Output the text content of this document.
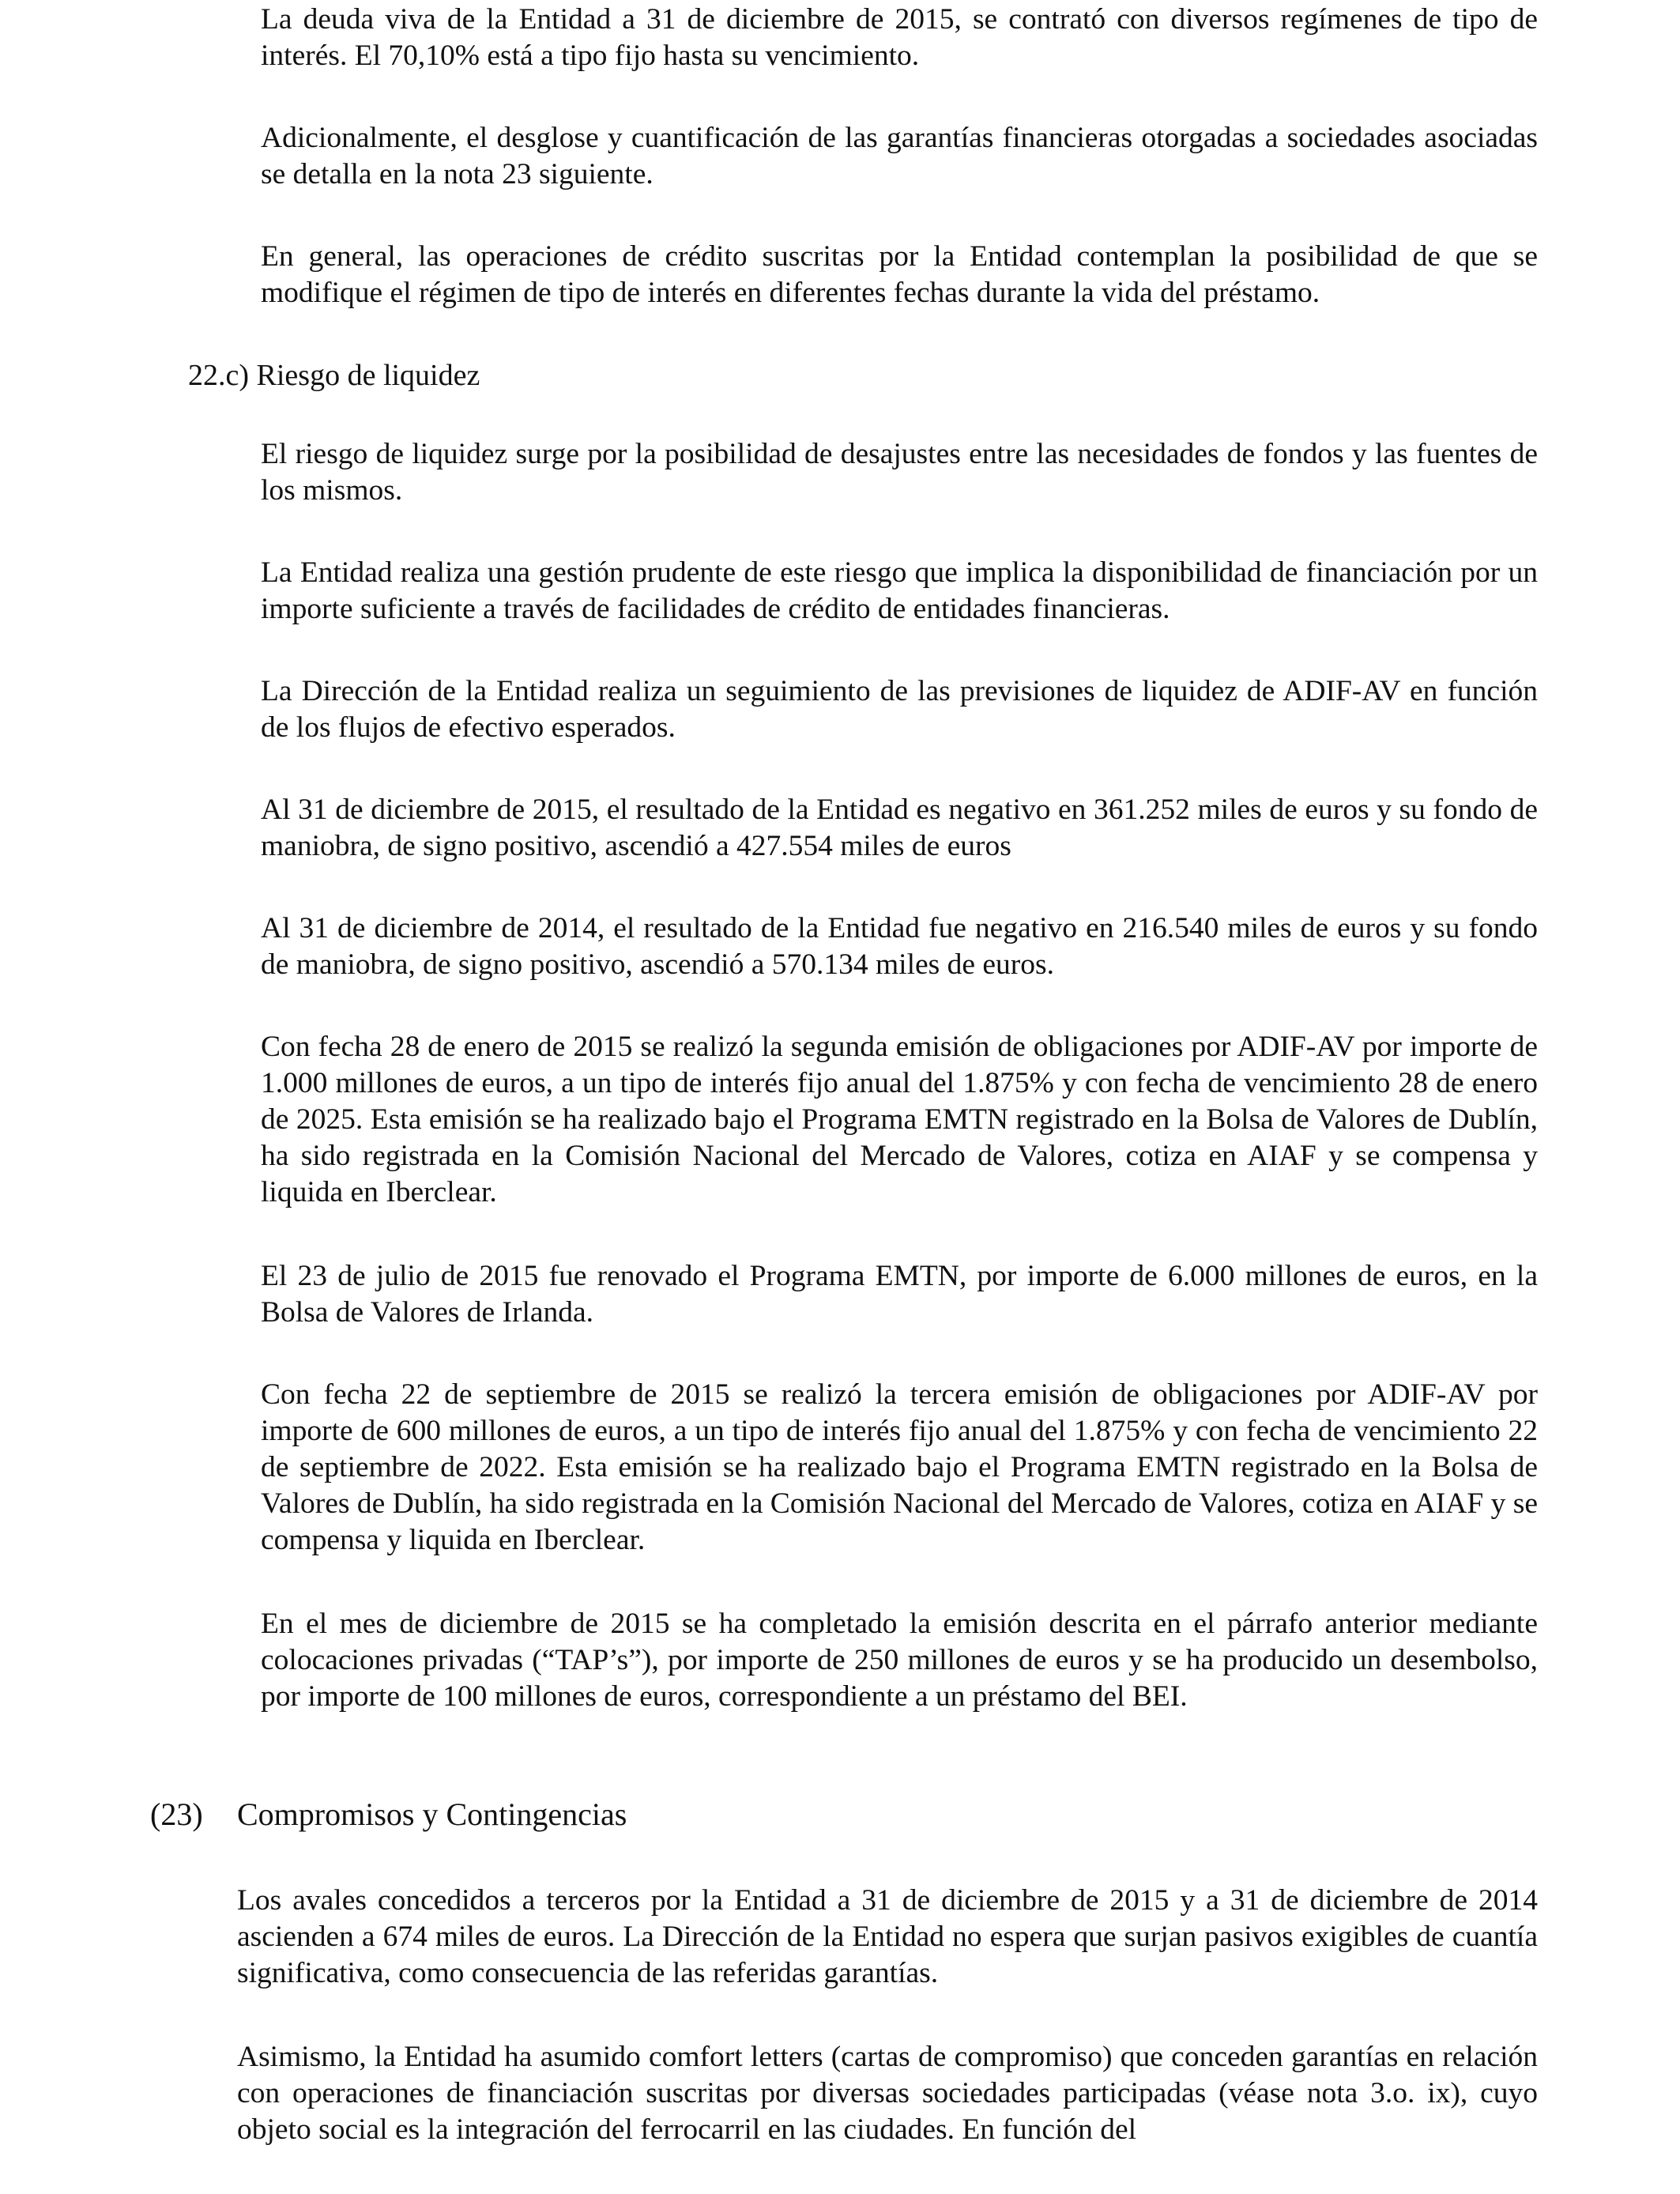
La deuda viva de la Entidad a 31 de diciembre de 2015, se contrató con diversos regímenes de tipo de interés. El 70,10% está a tipo fijo hasta su vencimiento.

Adicionalmente, el desglose y cuantificación de las garantías financieras otorgadas a sociedades asociadas se detalla en la nota 23 siguiente.

En general, las operaciones de crédito suscritas por la Entidad contemplan la posibilidad de que se modifique el régimen de tipo de interés en diferentes fechas durante la vida del préstamo.

22.c) Riesgo de liquidez

El riesgo de liquidez surge por la posibilidad de desajustes entre las necesidades de fondos y las fuentes de los mismos.

La Entidad realiza una gestión prudente de este riesgo que implica la disponibilidad de financiación por un importe suficiente a través de facilidades de crédito de entidades financieras.

La Dirección de la Entidad realiza un seguimiento de las previsiones de liquidez de ADIF-AV en función de los flujos de efectivo esperados.

Al 31 de diciembre de 2015, el resultado de la Entidad es negativo en 361.252 miles de euros y su fondo de maniobra, de signo positivo, ascendió a 427.554 miles de euros

Al 31 de diciembre de 2014, el resultado de la Entidad fue negativo en 216.540 miles de euros y su fondo de maniobra, de signo positivo, ascendió a 570.134 miles de euros.

Con fecha 28 de enero de 2015 se realizó la segunda emisión de obligaciones por ADIF-AV por importe de 1.000 millones de euros, a un tipo de interés fijo anual del 1.875% y con fecha de vencimiento 28 de enero de 2025. Esta emisión se ha realizado bajo el Programa EMTN registrado en la Bolsa de Valores de Dublín, ha sido registrada en la Comisión Nacional del Mercado de Valores, cotiza en AIAF y se compensa y liquida en Iberclear.

El 23 de julio de 2015 fue renovado el Programa EMTN, por importe de 6.000 millones de euros, en la Bolsa de Valores de Irlanda.

Con fecha 22 de septiembre de 2015 se realizó la tercera emisión de obligaciones por ADIF-AV por importe de 600 millones de euros, a un tipo de interés fijo anual del 1.875% y con fecha de vencimiento 22 de septiembre de 2022. Esta emisión se ha realizado bajo el Programa EMTN registrado en la Bolsa de Valores de Dublín, ha sido registrada en la Comisión Nacional del Mercado de Valores, cotiza en AIAF y se compensa y liquida en Iberclear.

En el mes de diciembre de 2015 se ha completado la emisión descrita en el párrafo anterior mediante colocaciones privadas (“TAP’s”), por importe de 250 millones de euros y se ha producido un desembolso, por importe de 100 millones de euros, correspondiente a un préstamo del BEI.

(23) Compromisos y Contingencias

Los avales concedidos a terceros por la Entidad a 31 de diciembre de 2015 y a 31 de diciembre de 2014 ascienden a 674 miles de euros. La Dirección de la Entidad no espera que surjan pasivos exigibles de cuantía significativa, como consecuencia de las referidas garantías.

Asimismo, la Entidad ha asumido comfort letters (cartas de compromiso) que conceden garantías en relación con operaciones de financiación suscritas por diversas sociedades participadas (véase nota 3.o. ix), cuyo objeto social es la integración del ferrocarril en las ciudades. En función del
